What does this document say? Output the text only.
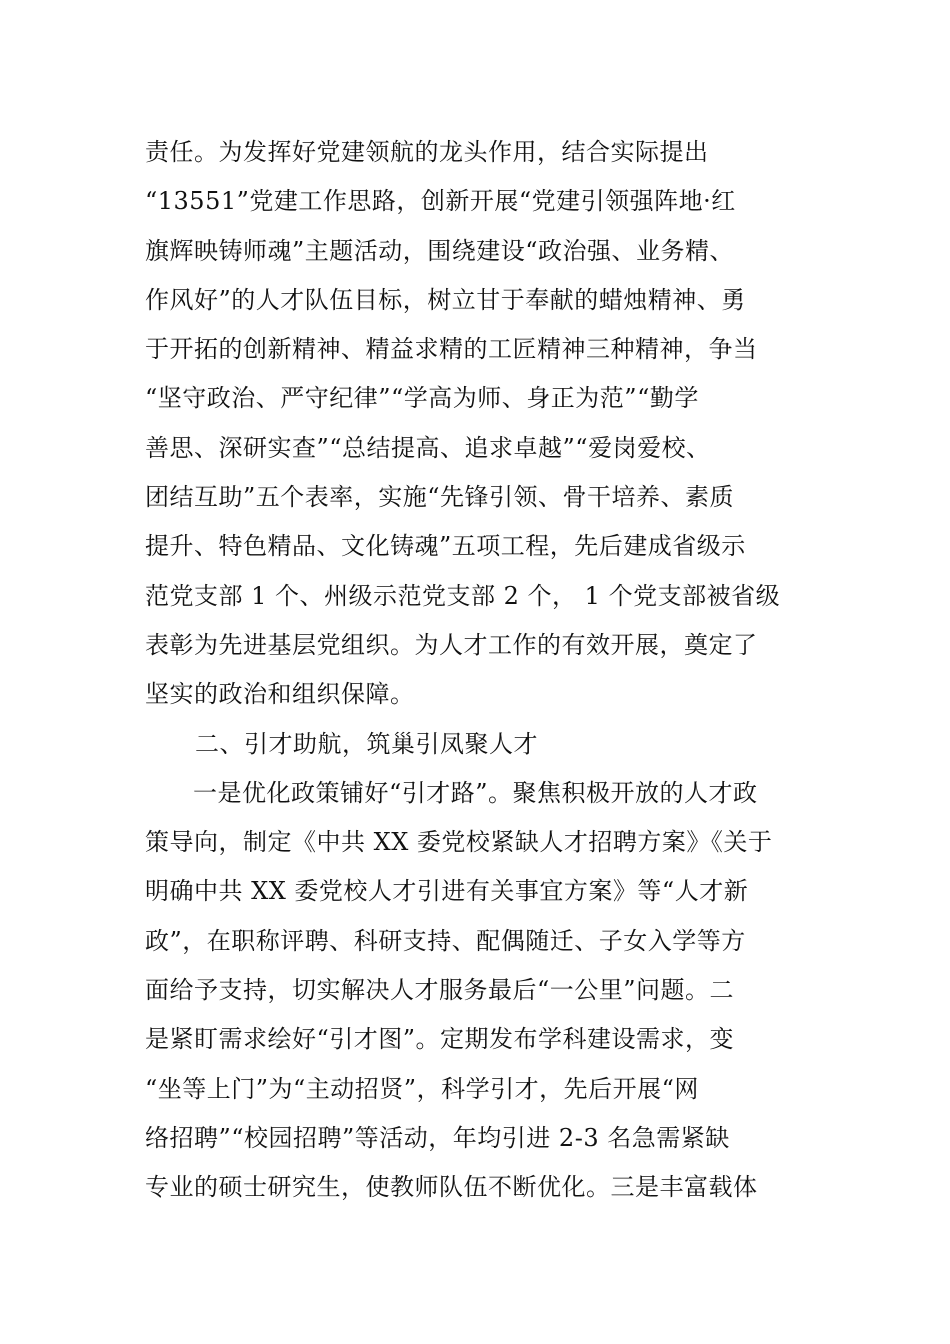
责任。为发挥好党建领航的龙头作用，结合实际提出
“13551”党建工作思路，创新开展“党建引领强阵地·红
旗辉映铸师魂”主题活动，围绕建设“政治强、业务精、
作风好”的人才队伍目标，树立甘于奉献的蜡烛精神、勇
于开拓的创新精神、精益求精的工匠精神三种精神，争当
“坚守政治、严守纪律”“学高为师、身正为范”“勤学
善思、深研实查”“总结提高、追求卓越”“爱岗爱校、
团结互助”五个表率，实施“先锋引领、骨干培养、素质
提升、特色精品、文化铸魂”五项工程，先后建成省级示
范党支部 1 个、州级示范党支部 2 个， 1 个党支部被省级
表彰为先进基层党组织。为人才工作的有效开展，奠定了
坚实的政治和组织保障。
二、引才助航，筑巢引凤聚人才
一是优化政策铺好“引才路”。聚焦积极开放的人才政
策导向，制定《中共 XX 委党校紧缺人才招聘方案》《关于
明确中共 XX 委党校人才引进有关事宜方案》等“人才新
政”，在职称评聘、科研支持、配偶随迁、子女入学等方
面给予支持，切实解决人才服务最后“一公里”问题。二
是紧盯需求绘好“引才图”。定期发布学科建设需求，变
“坐等上门”为“主动招贤”，科学引才，先后开展“网
络招聘”“校园招聘”等活动，年均引进 2-3 名急需紧缺
专业的硕士研究生，使教师队伍不断优化。三是丰富载体
